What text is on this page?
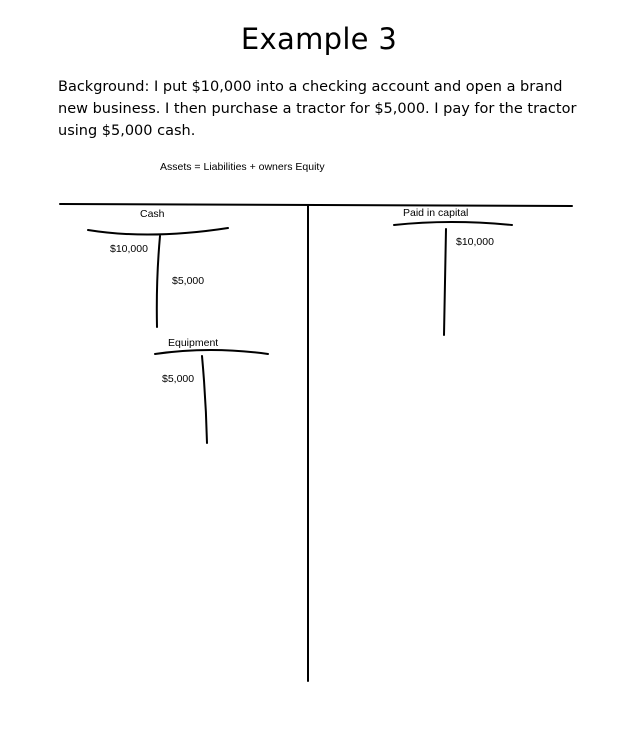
Example 3
Background: I put $10,000 into a checking account and open a brand new business. I then purchase a tractor for $5,000. I pay for the tractor using $5,000 cash.
Assets = Liabilities + owners Equity
Cash
$10,000
$5,000
Equipment
$5,000
Paid in capital
$10,000
